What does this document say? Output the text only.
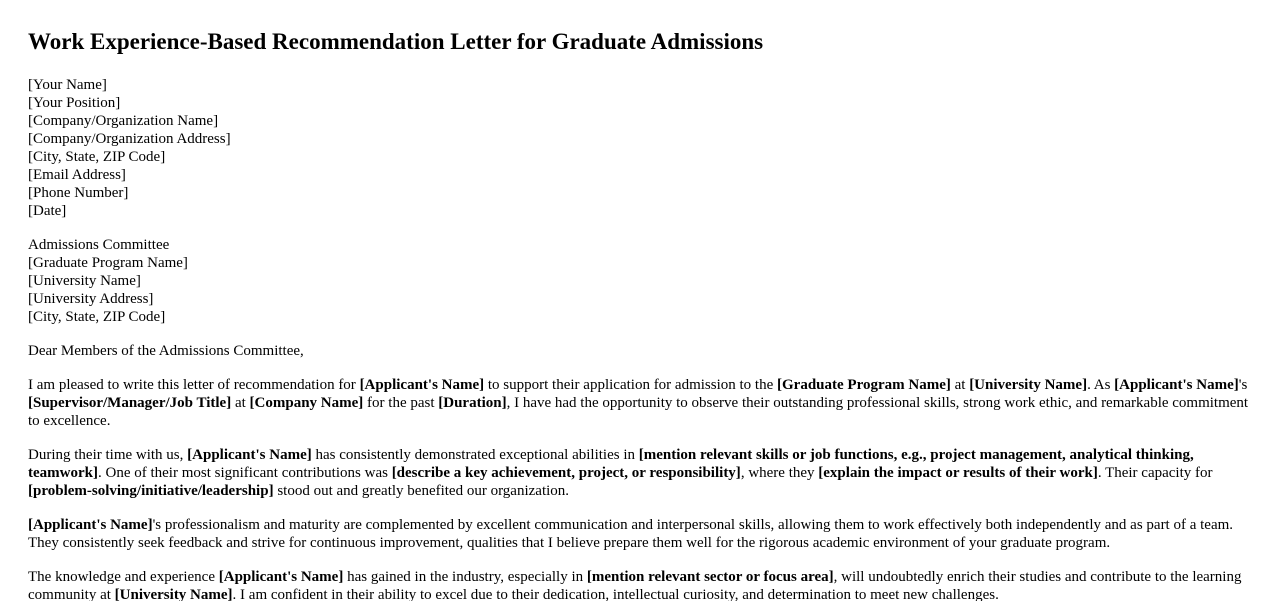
Work Experience-Based Recommendation Letter for Graduate Admissions
[Your Name]
[Your Position]
[Company/Organization Name]
[Company/Organization Address]
[City, State, ZIP Code]
[Email Address]
[Phone Number]
[Date]
Admissions Committee
[Graduate Program Name]
[University Name]
[University Address]
[City, State, ZIP Code]
Dear Members of the Admissions Committee,

I am pleased to write this letter of recommendation for [Applicant's Name] to support their application for admission to the [Graduate Program Name] at [University Name]. As [Applicant's Name]'s [Supervisor/Manager/Job Title] at [Company Name] for the past [Duration], I have had the opportunity to observe their outstanding professional skills, strong work ethic, and remarkable commitment to excellence.

During their time with us, [Applicant's Name] has consistently demonstrated exceptional abilities in [mention relevant skills or job functions, e.g., project management, analytical thinking, teamwork]. One of their most significant contributions was [describe a key achievement, project, or responsibility], where they [explain the impact or results of their work]. Their capacity for [problem-solving/initiative/leadership] stood out and greatly benefited our organization.

[Applicant's Name]'s professionalism and maturity are complemented by excellent communication and interpersonal skills, allowing them to work effectively both independently and as part of a team. They consistently seek feedback and strive for continuous improvement, qualities that I believe prepare them well for the rigorous academic environment of your graduate program.

The knowledge and experience [Applicant's Name] has gained in the industry, especially in [mention relevant sector or focus area], will undoubtedly enrich their studies and contribute to the learning community at [University Name]. I am confident in their ability to excel due to their dedication, intellectual curiosity, and determination to meet new challenges.
